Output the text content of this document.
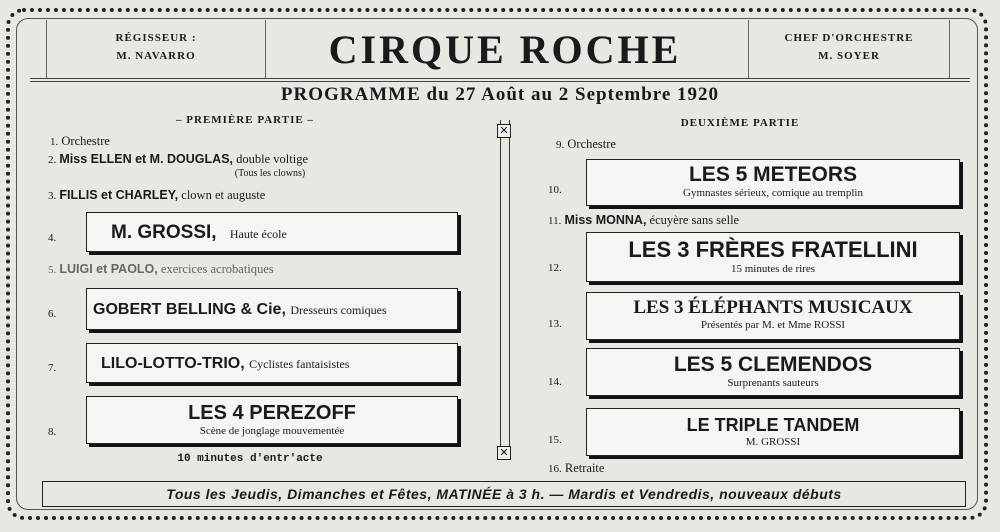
RÉGISSEUR :
M. NAVARRO	CIRQUE ROCHE	CHEF D'ORCHESTRE
M. SOYER
PROGRAMME du 27 Août au 2 Septembre 1920
✕
✕
– PREMIÈRE PARTIE –
1. Orchestre
2. Miss ELLEN et M. DOUGLAS, double voltige
(Tous les clowns)
3. FILLIS et CHARLEY, clown et auguste
4.	M. GROSSI, Haute école
5. LUIGI et PAOLO, exercices acrobatiques
6.	GOBERT BELLING & Cie, Dresseurs comiques
7.	LILO-LOTTO-TRIO, Cyclistes fantaisistes
8.
LES 4 PEREZOFF
Scène de jonglage mouvementée
10 minutes d'entr'acte
DEUXIÈME PARTIE
9. Orchestre
10.
LES 5 METEORS
Gymnastes sérieux, comique au tremplin
11. Miss MONNA, écuyère sans selle
12.
LES 3 FRÈRES FRATELLINI
15 minutes de rires
13.
LES 3 ÉLÉPHANTS MUSICAUX
Présentés par M. et Mme ROSSI
14.
LES 5 CLEMENDOS
Surprenants sauteurs
15.
LE TRIPLE TANDEM
M. GROSSI
16. Retraite
Tous les Jeudis, Dimanches et Fêtes, MATINÉE à 3 h. — Mardis et Vendredis, nouveaux débuts
